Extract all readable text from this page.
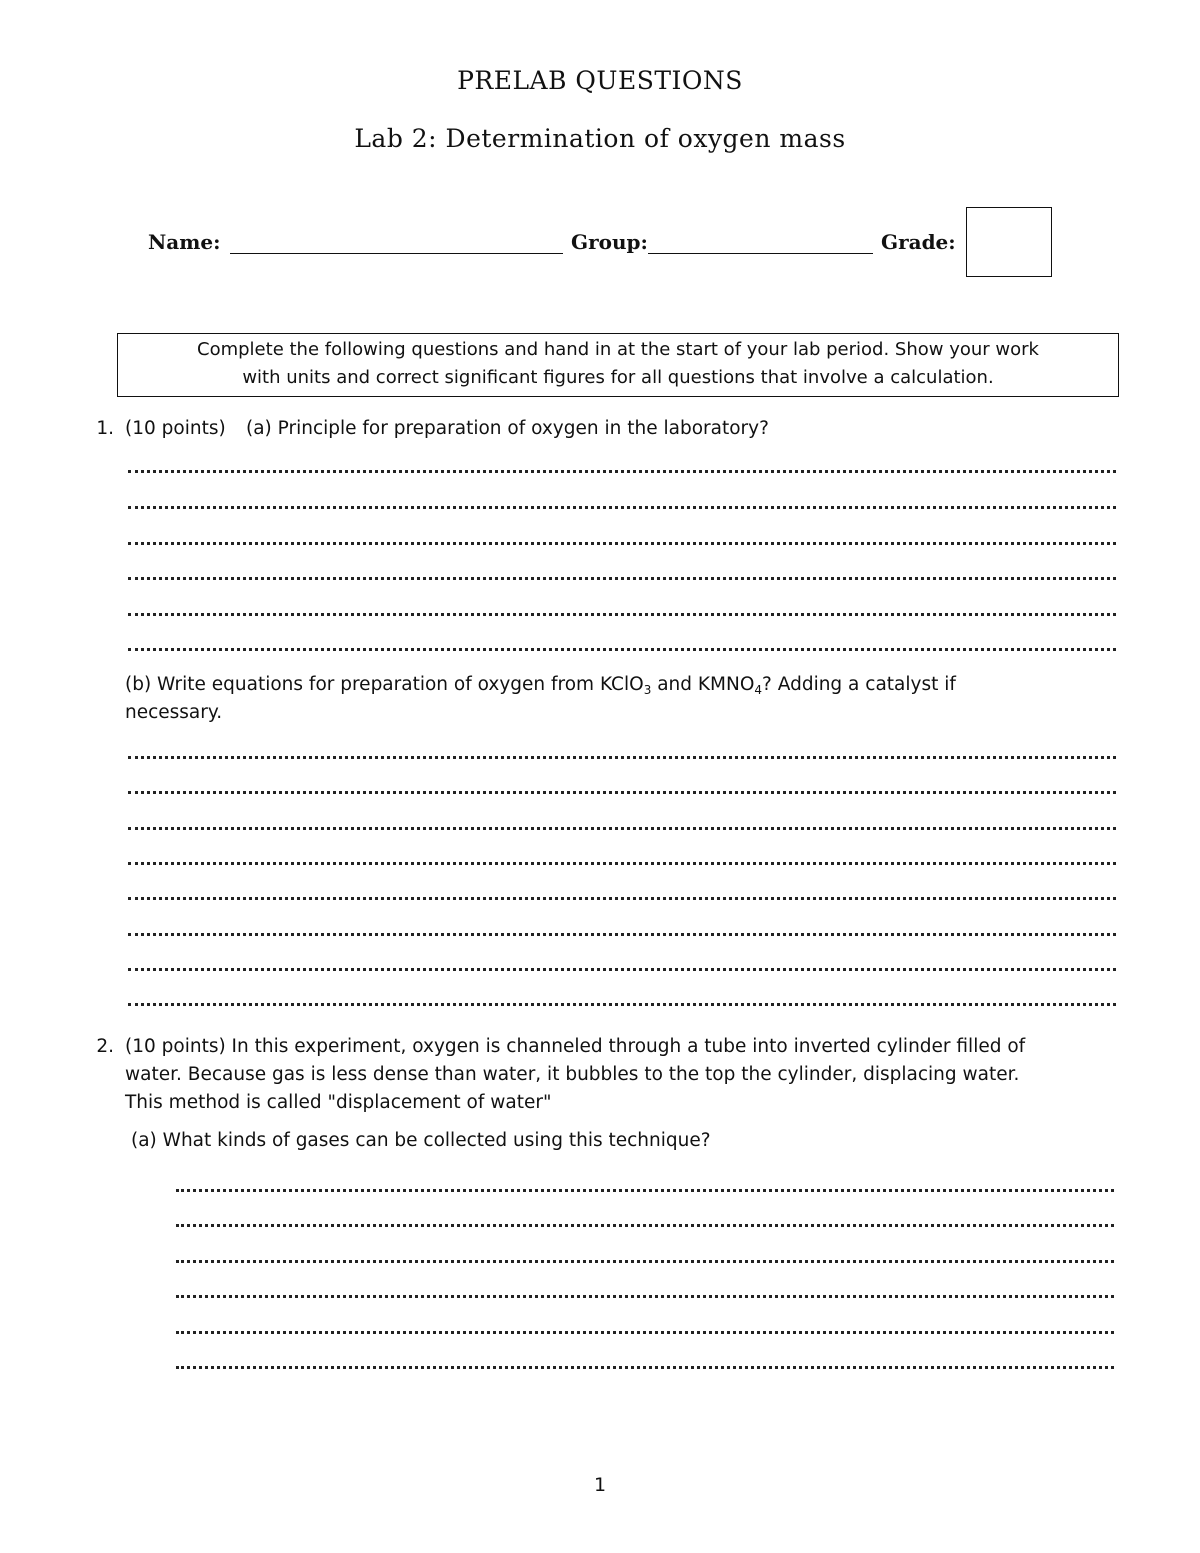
PRELAB QUESTIONS
Lab 2: Determination of oxygen mass
Name:	Group:	Grade:
Complete the following questions and hand in at the start of your lab period. Show your work
with units and correct significant figures for all questions that involve a calculation.
1. (10 points) (a) Principle for preparation of oxygen in the laboratory?
(b) Write equations for preparation of oxygen from KClO$_3$ and $KMNO_4$? Adding a catalyst if
necessary.
2. (10 points) In this experiment, oxygen is channeled through a tube into inverted cylinder filled of
water. Because gas is less dense than water, it bubbles to the top the cylinder, displacing water.
This method is called "displacement of water"
(a) What kinds of gases can be collected using this technique?
1
